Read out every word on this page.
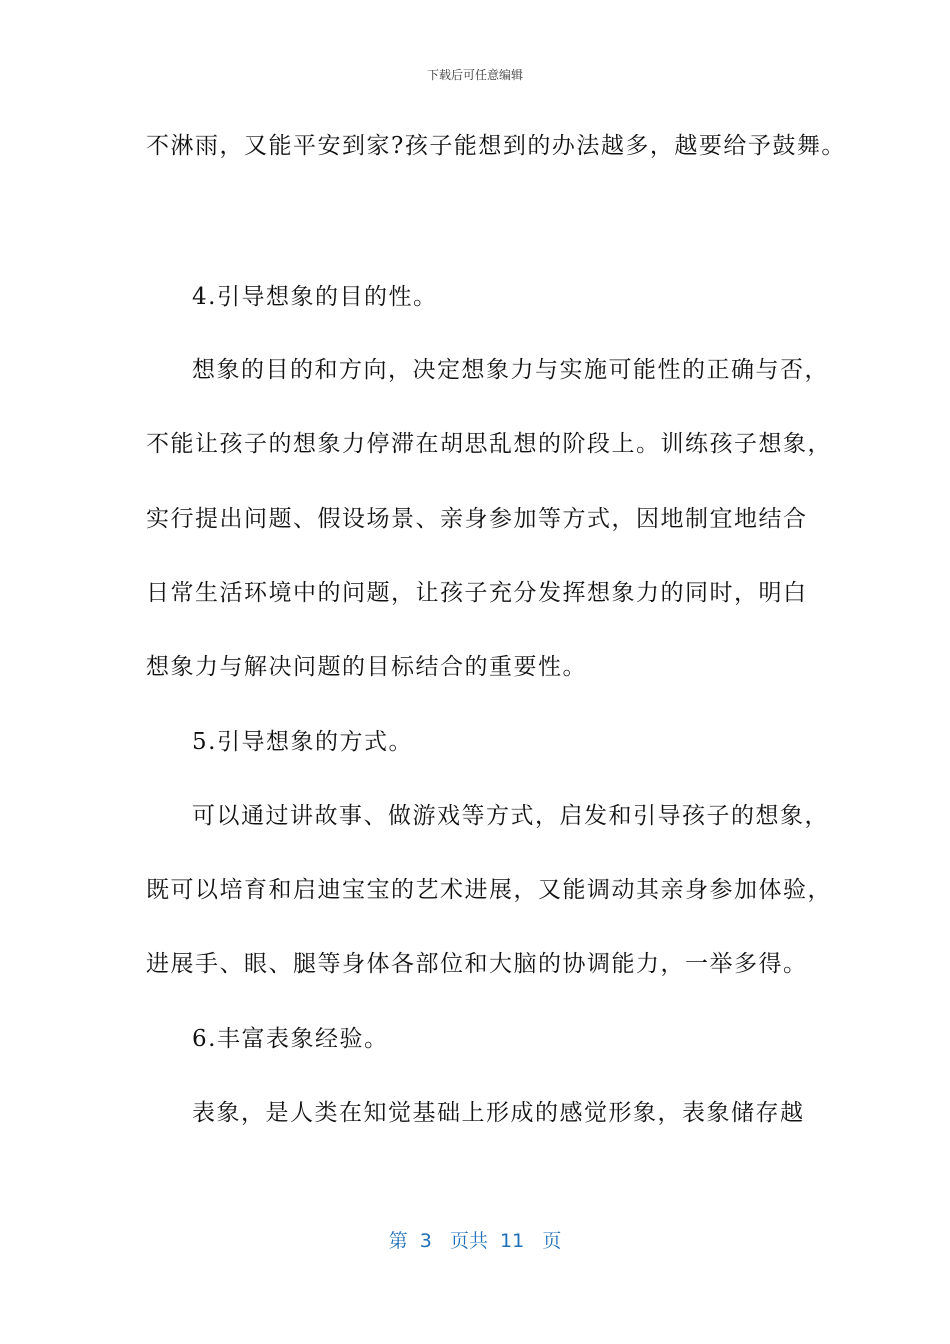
下载后可任意编辑
不淋雨，又能平安到家?孩子能想到的办法越多，越要给予鼓舞。
4.引导想象的目的性。
想象的目的和方向，决定想象力与实施可能性的正确与否，
不能让孩子的想象力停滞在胡思乱想的阶段上。训练孩子想象，
实行提出问题、假设场景、亲身参加等方式，因地制宜地结合
日常生活环境中的问题，让孩子充分发挥想象力的同时，明白
想象力与解决问题的目标结合的重要性。
5.引导想象的方式。
可以通过讲故事、做游戏等方式，启发和引导孩子的想象，
既可以培育和启迪宝宝的艺术进展，又能调动其亲身参加体验，
进展手、眼、腿等身体各部位和大脑的协调能力，一举多得。
6.丰富表象经验。
表象，是人类在知觉基础上形成的感觉形象，表象储存越
第  3   页共  11   页
